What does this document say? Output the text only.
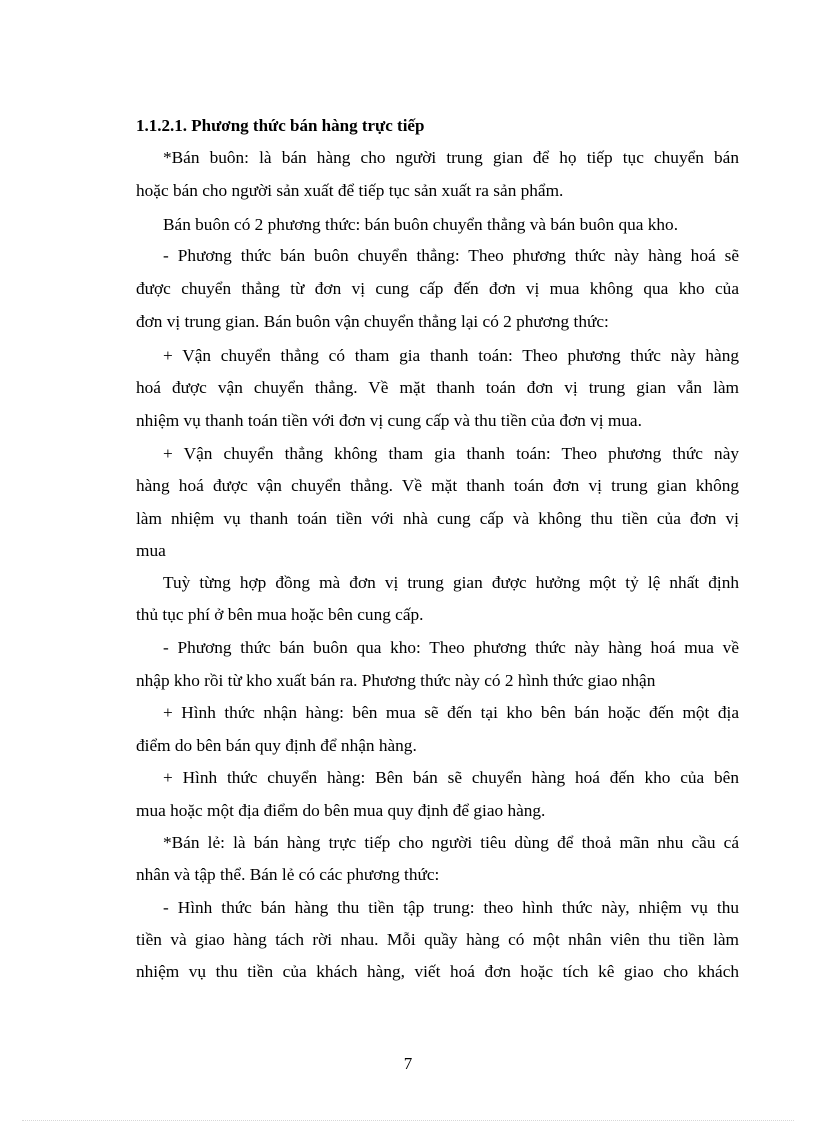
1.1.2.1. Phương thức bán hàng trực tiếp
*Bán buôn: là bán hàng cho người trung gian để họ tiếp tục chuyển bán
hoặc bán cho người sản xuất để tiếp tục sản xuất ra sản phẩm.
Bán buôn có 2 phương thức: bán buôn chuyển thẳng và bán buôn qua kho.
- Phương thức bán buôn chuyển thẳng: Theo phương thức này hàng hoá sẽ
được chuyển thẳng từ đơn vị cung cấp đến đơn vị mua không qua kho của
đơn vị trung gian. Bán buôn vận chuyển thẳng lại có 2 phương thức:
+ Vận chuyển thẳng có tham gia thanh toán: Theo phương thức này hàng
hoá được vận chuyển thẳng. Về mặt thanh toán đơn vị trung gian vẫn làm
nhiệm vụ thanh toán tiền với đơn vị cung cấp và thu tiền của đơn vị mua.
+ Vận chuyển thẳng không tham gia thanh toán: Theo phương thức này
hàng hoá được vận chuyển thẳng. Về mặt thanh toán đơn vị trung gian không
làm nhiệm vụ thanh toán tiền với nhà cung cấp và không thu tiền của đơn vị
mua
Tuỳ từng hợp đồng mà đơn vị trung gian được hưởng một tỷ lệ nhất định
thủ tục phí ở bên mua hoặc bên cung cấp.
- Phương thức bán buôn qua kho: Theo phương thức này hàng hoá mua về
nhập kho rồi từ kho xuất bán ra. Phương thức này có 2 hình thức giao nhận
+ Hình thức nhận hàng: bên mua sẽ đến tại kho bên bán hoặc đến một địa
điểm do bên bán quy định để nhận hàng.
+ Hình thức chuyển hàng: Bên bán sẽ chuyển hàng hoá đến kho của bên
mua hoặc một địa điểm do bên mua quy định để giao hàng.
*Bán lẻ: là bán hàng trực tiếp cho người tiêu dùng để thoả mãn nhu cầu cá
nhân và tập thể. Bán lẻ có các phương thức:
- Hình thức bán hàng thu tiền tập trung: theo hình thức này, nhiệm vụ thu
tiền và giao hàng tách rời nhau. Mỗi quầy hàng có một nhân viên thu tiền làm
nhiệm vụ thu tiền của khách hàng, viết hoá đơn hoặc tích kê giao cho khách
7
